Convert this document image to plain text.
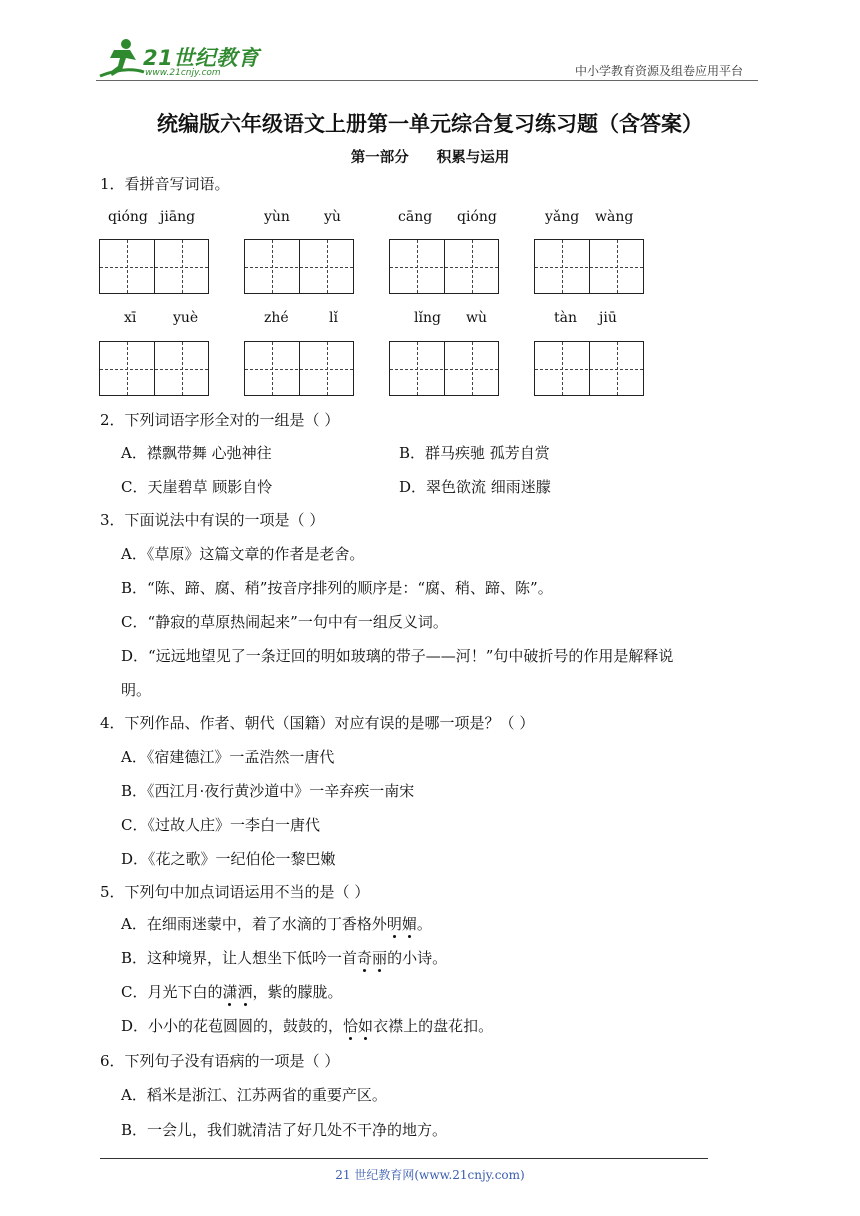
21世纪教育
www.21cnjy.com	中小学教育资源及组卷应用平台
统编版六年级语文上册第一单元综合复习练习题（含答案）
第一部分 积累与运用
1．看拼音写词语。
qióng jiāng	yùn yù	cāng qióng	yǎng wàng
xī	yuè	zhé	lǐ	lǐng wù	tàn jiū
2．下列词语字形全对的一组是（ ）
A．襟飘带舞 心弛神往	B．群马疾驰 孤芳自赏
C．天崖碧草 顾影自怜	D．翠色欲流 细雨迷朦
3．下面说法中有误的一项是（ ）
A．《草原》这篇文章的作者是老舍。
B．“陈、蹄、腐、稍”按音序排列的顺序是：“腐、稍、蹄、陈”。
C．“静寂的草原热闹起来”一句中有一组反义词。
D．“远远地望见了一条迂回的明如玻璃的带子——河！”句中破折号的作用是解释说
明。
4．下列作品、作者、朝代（国籍）对应有误的是哪一项是？（ ）
A．《宿建德江》一孟浩然一唐代
B．《西江月·夜行黄沙道中》一辛弃疾一南宋
C．《过故人庄》一李白一唐代
D．《花之歌》一纪伯伦一黎巴嫩
5．下列句中加点词语运用不当的是（ ）
A．在细雨迷蒙中，着了水滴的丁香格外明媚。
B．这种境界，让人想坐下低吟一首奇丽的小诗。
C．月光下白的潇洒，紫的朦胧。
D．小小的花苞圆圆的，鼓鼓的，恰如衣襟上的盘花扣。
6．下列句子没有语病的一项是（ ）
A．稻米是浙江、江苏两省的重要产区。
B．一会儿，我们就清洁了好几处不干净的地方。
21 世纪教育网(www.21cnjy.com)
